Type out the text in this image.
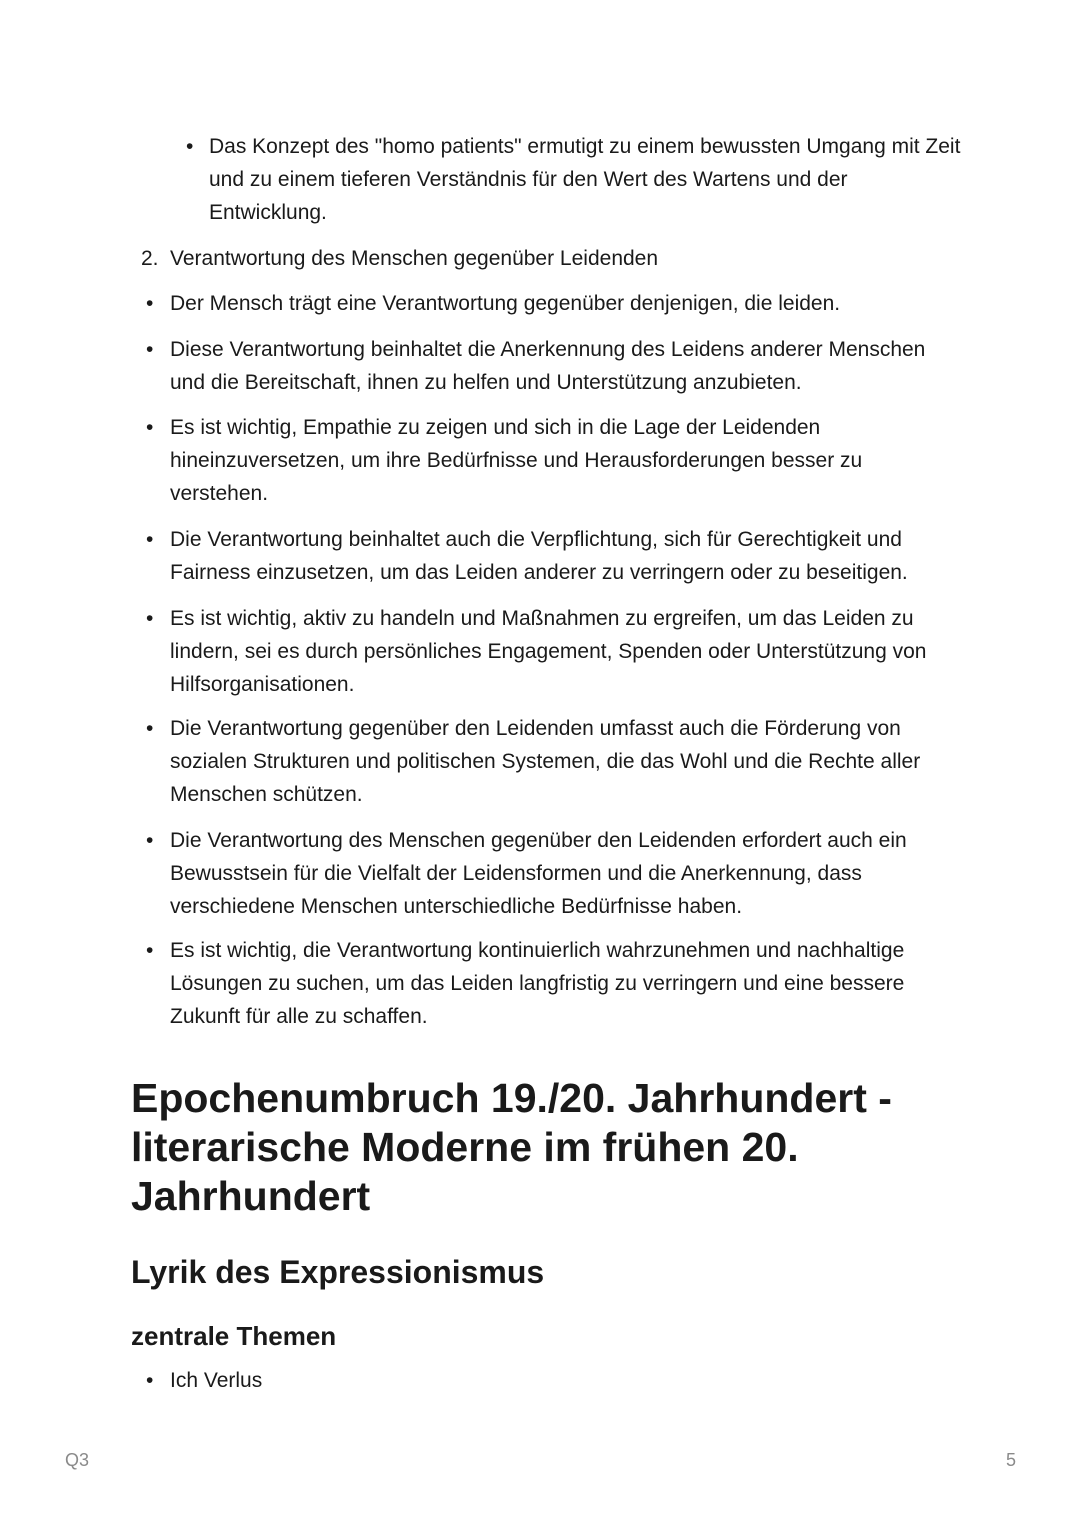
• Das Konzept des "homo patients" ermutigt zu einem bewussten Umgang mit Zeit und zu einem tieferen Verständnis für den Wert des Wartens und der Entwicklung.
2. Verantwortung des Menschen gegenüber Leidenden
• Der Mensch trägt eine Verantwortung gegenüber denjenigen, die leiden.
• Diese Verantwortung beinhaltet die Anerkennung des Leidens anderer Menschen und die Bereitschaft, ihnen zu helfen und Unterstützung anzubieten.
• Es ist wichtig, Empathie zu zeigen und sich in die Lage der Leidenden hineinzuversetzen, um ihre Bedürfnisse und Herausforderungen besser zu verstehen.
• Die Verantwortung beinhaltet auch die Verpflichtung, sich für Gerechtigkeit und Fairness einzusetzen, um das Leiden anderer zu verringern oder zu beseitigen.
• Es ist wichtig, aktiv zu handeln und Maßnahmen zu ergreifen, um das Leiden zu lindern, sei es durch persönliches Engagement, Spenden oder Unterstützung von Hilfsorganisationen.
• Die Verantwortung gegenüber den Leidenden umfasst auch die Förderung von sozialen Strukturen und politischen Systemen, die das Wohl und die Rechte aller Menschen schützen.
• Die Verantwortung des Menschen gegenüber den Leidenden erfordert auch ein Bewusstsein für die Vielfalt der Leidensformen und die Anerkennung, dass verschiedene Menschen unterschiedliche Bedürfnisse haben.
• Es ist wichtig, die Verantwortung kontinuierlich wahrzunehmen und nachhaltige Lösungen zu suchen, um das Leiden langfristig zu verringern und eine bessere Zukunft für alle zu schaffen.
Epochenumbruch 19./20. Jahrhundert - literarische Moderne im frühen 20. Jahrhundert
Lyrik des Expressionismus
zentrale Themen
• Ich Verlus
Q3	5
